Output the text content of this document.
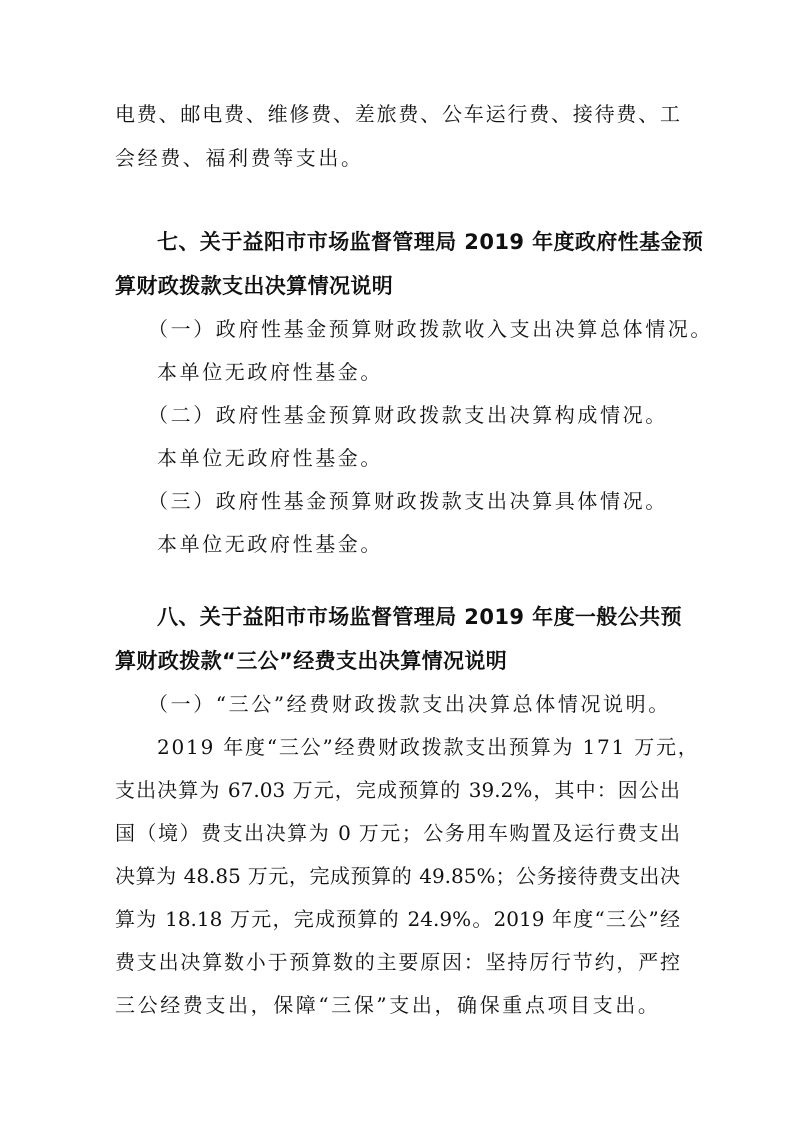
电费、邮电费、维修费、差旅费、公车运行费、接待费、工
会经费、福利费等支出。
七、关于益阳市市场监督管理局 2019 年度政府性基金预
算财政拨款支出决算情况说明
（一）政府性基金预算财政拨款收入支出决算总体情况。
本单位无政府性基金。
（二）政府性基金预算财政拨款支出决算构成情况。
本单位无政府性基金。
（三）政府性基金预算财政拨款支出决算具体情况。
本单位无政府性基金。
八、关于益阳市市场监督管理局 2019 年度一般公共预
算财政拨款“三公”经费支出决算情况说明
（一）“三公”经费财政拨款支出决算总体情况说明。
2019 年度“三公”经费财政拨款支出预算为 171 万元，
支出决算为 67.03 万元，完成预算的 39.2%，其中：因公出
国（境）费支出决算为 0 万元；公务用车购置及运行费支出
决算为 48.85 万元，完成预算的 49.85%；公务接待费支出决
算为 18.18 万元，完成预算的 24.9%。2019 年度“三公”经
费支出决算数小于预算数的主要原因：坚持厉行节约，严控
三公经费支出，保障“三保”支出，确保重点项目支出。
